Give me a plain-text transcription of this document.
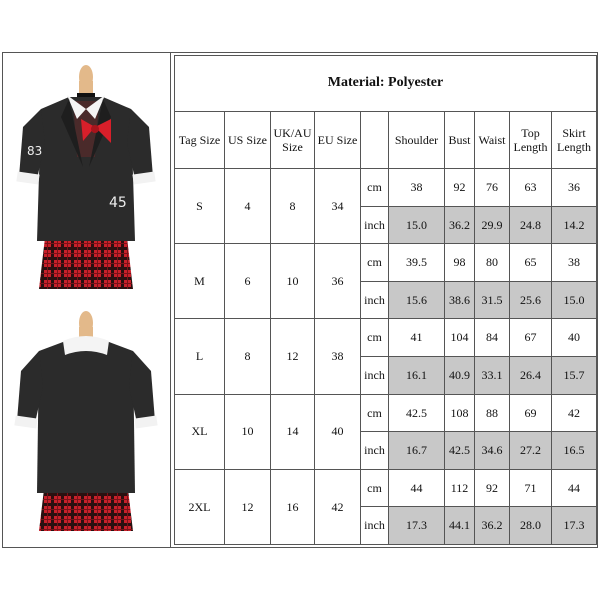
83
45
Material: Polyester									
Tag Size	US Size	UK/AU Size	EU Size		Shoulder	Bust	Waist	Top Length	Skirt Length
S	4	8	34	cm	38	92	76	63	36
				inch	15.0	36.2	29.9	24.8	14.2
M	6	10	36	cm	39.5	98	80	65	38
				inch	15.6	38.6	31.5	25.6	15.0
L	8	12	38	cm	41	104	84	67	40
				inch	16.1	40.9	33.1	26.4	15.7
XL	10	14	40	cm	42.5	108	88	69	42
				inch	16.7	42.5	34.6	27.2	16.5
2XL	12	16	42	cm	44	112	92	71	44
				inch	17.3	44.1	36.2	28.0	17.3
